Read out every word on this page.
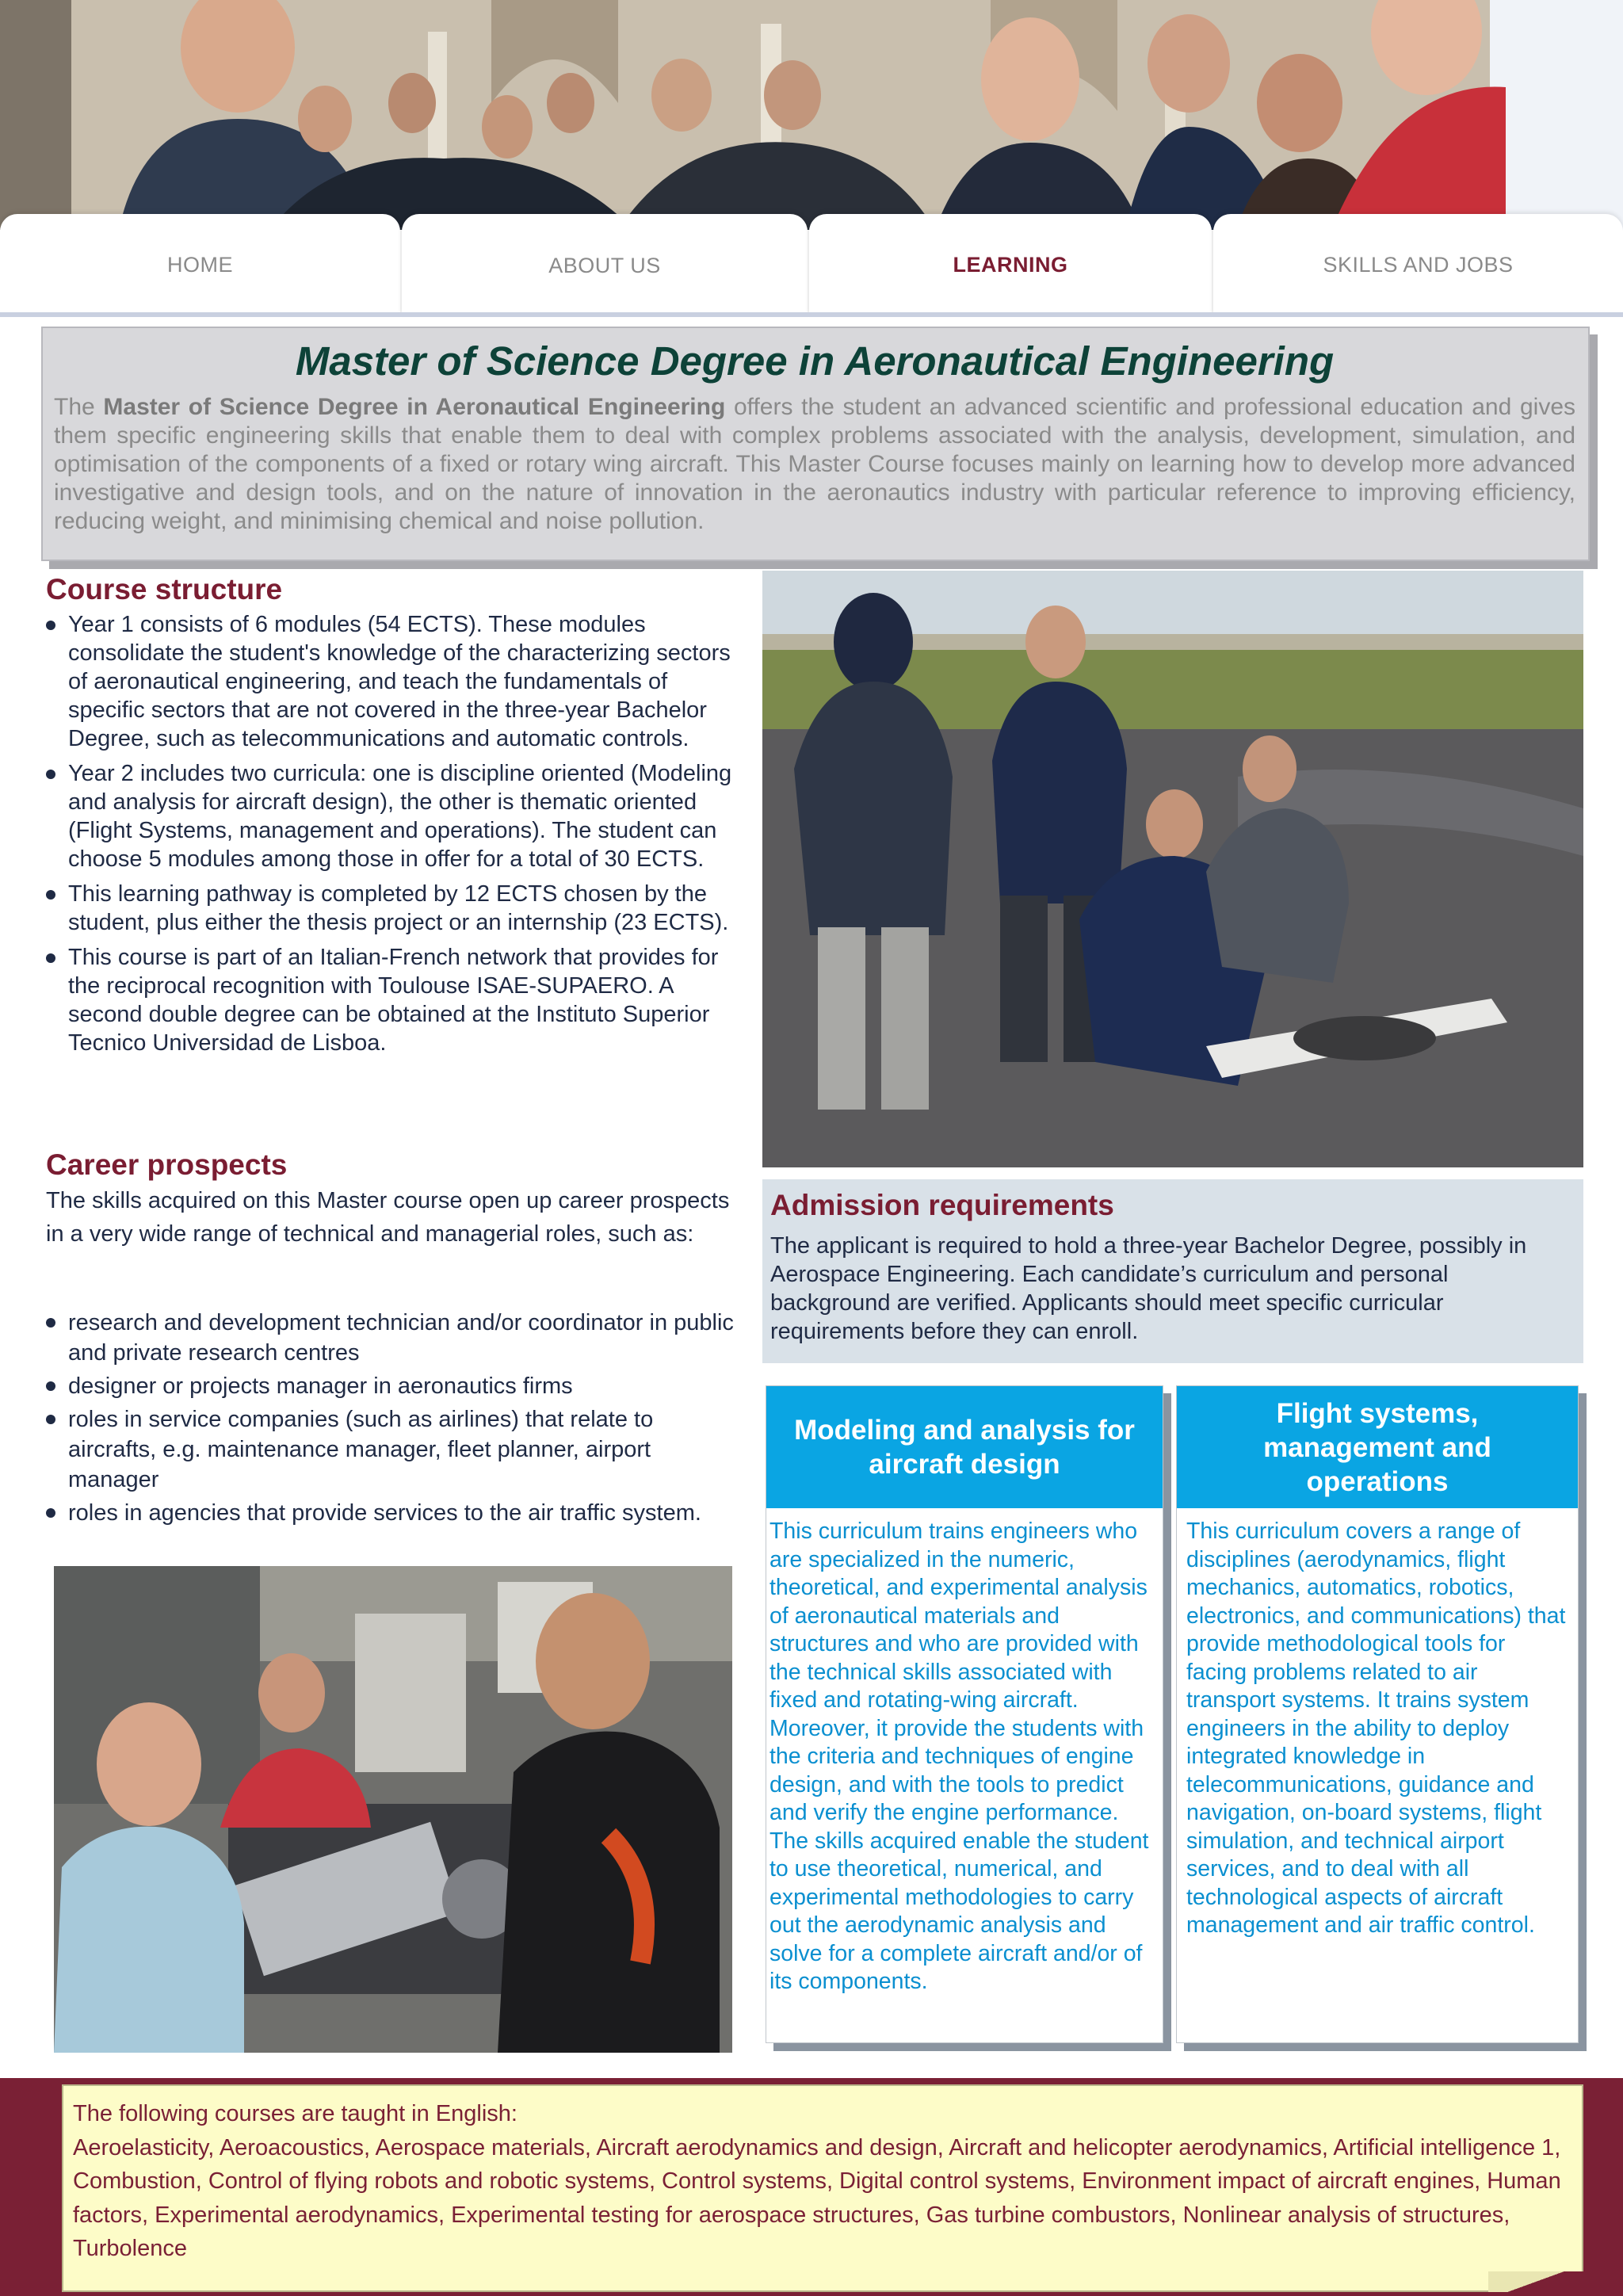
HOME	ABOUT US	LEARNING	SKILLS AND JOBS
Master of Science Degree in Aeronautical Engineering

The Master of Science Degree in Aeronautical Engineering offers the student an advanced scientific and professional education and gives them specific engineering skills that enable them to deal with complex problems associated with the analysis, development, simulation, and optimisation of the components of a fixed or rotary wing aircraft. This Master Course focuses mainly on learning how to develop more advanced investigative and design tools, and on the nature of innovation in the aeronautics industry with particular reference to improving efficiency, reducing weight, and minimising chemical and noise pollution.

Course structure
Year 1 consists of 6 modules (54 ECTS). These modules consolidate the student's knowledge of the characterizing sectors of aeronautical engineering, and teach the fundamentals of specific sectors that are not covered in the three-year Bachelor Degree, such as telecommunications and automatic controls.
Year 2 includes two curricula: one is discipline oriented (Modeling and analysis for aircraft design), the other is thematic oriented (Flight Systems, management and operations). The student can choose 5 modules among those in offer for a total of 30 ECTS.
This learning pathway is completed by 12 ECTS chosen by the student, plus either the thesis project or an internship (23 ECTS).
This course is part of an Italian-French network that provides for the reciprocal recognition with Toulouse ISAE-SUPAERO. A second double degree can be obtained at the Instituto Superior Tecnico Universidad de Lisboa.
Career prospects
The skills acquired on this Master course open up career prospects in a very wide range of technical and managerial roles, such as:
research and development technician and/or coordinator in public and private research centres
designer or projects manager in aeronautics firms
roles in service companies (such as airlines) that relate to aircrafts, e.g. maintenance manager, fleet planner, airport manager
roles in agencies that provide services to the air traffic system.
Admission requirements

The applicant is required to hold a three-year Bachelor Degree, possibly in Aerospace Engineering. Each candidate’s curriculum and personal background are verified. Applicants should meet specific curricular requirements before they can enroll.

Modeling and analysis for aircraft design
This curriculum trains engineers who are specialized in the numeric, theoretical, and experimental analysis of aeronautical materials and structures and who are provided with the technical skills associated with fixed and rotating-wing aircraft. Moreover, it provide the students with the criteria and techniques of engine design, and with the tools to predict and verify the engine performance. The skills acquired enable the student to use theoretical, numerical, and experimental methodologies to carry out the aerodynamic analysis and solve for a complete aircraft and/or of its components.
Flight systems, management and operations
This curriculum covers a range of disciplines (aerodynamics, flight mechanics, automatics, robotics, electronics, and communications) that provide methodological tools for facing problems related to air transport systems. It trains system engineers in the ability to deploy integrated knowledge in telecommunications, guidance and navigation, on-board systems, flight simulation, and technical airport services, and to deal with all technological aspects of aircraft management and air traffic control.
The following courses are taught in English:
Aeroelasticity, Aeroacoustics, Aerospace materials, Aircraft aerodynamics and design, Aircraft and helicopter aerodynamics, Artificial intelligence 1, Combustion, Control of flying robots and robotic systems, Control systems, Digital control systems, Environment impact of aircraft engines, Human factors, Experimental aerodynamics, Experimental testing for aerospace structures, Gas turbine combustors, Nonlinear analysis of structures, Turbolence
